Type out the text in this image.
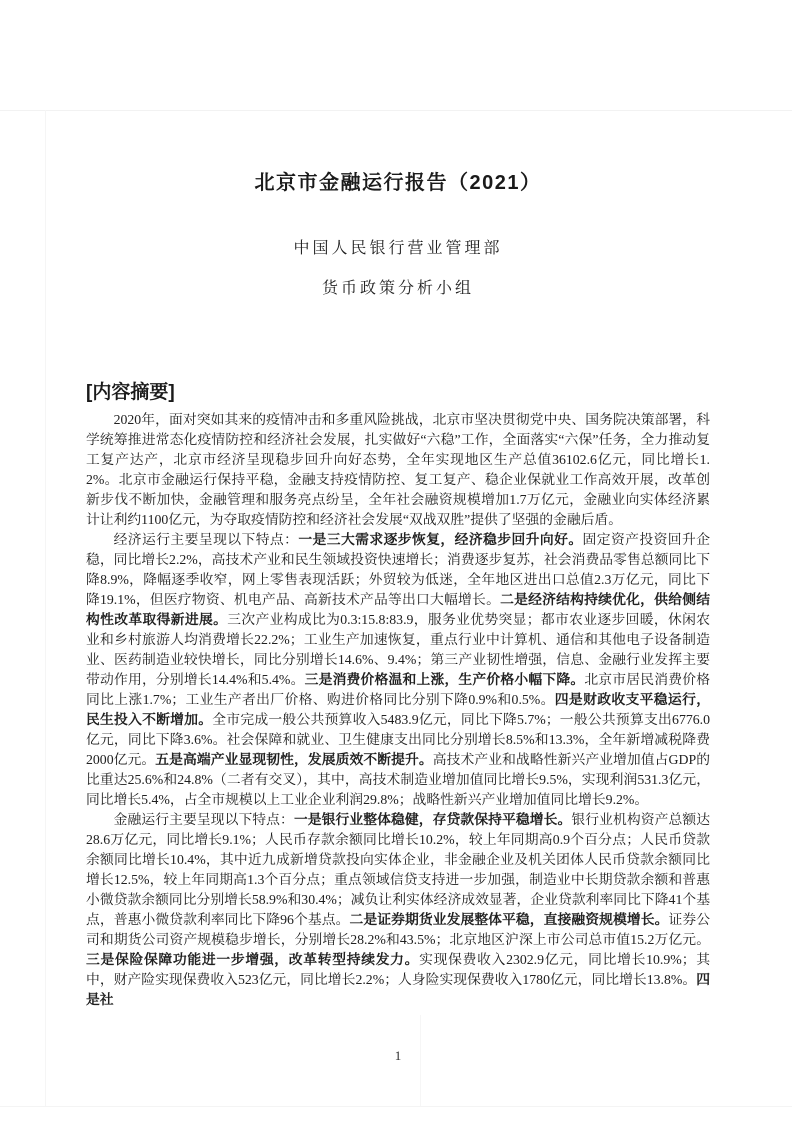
北京市金融运行报告（2021）
中国人民银行营业管理部
货币政策分析小组
[内容摘要]

2020年，面对突如其来的疫情冲击和多重风险挑战，北京市坚决贯彻党中央、国务院决策部署，科学统筹推进常态化疫情防控和经济社会发展，扎实做好“六稳”工作，全面落实“六保”任务，全力推动复工复产达产，北京市经济呈现稳步回升向好态势，全年实现地区生产总值36102.6亿元，同比增长1.2%。北京市金融运行保持平稳，金融支持疫情防控、复工复产、稳企业保就业工作高效开展，改革创新步伐不断加快，金融管理和服务亮点纷呈，全年社会融资规模增加1.7万亿元，金融业向实体经济累计让利约1100亿元，为夺取疫情防控和经济社会发展“双战双胜”提供了坚强的金融后盾。

经济运行主要呈现以下特点：一是三大需求逐步恢复，经济稳步回升向好。固定资产投资回升企稳，同比增长2.2%，高技术产业和民生领域投资快速增长；消费逐步复苏，社会消费品零售总额同比下降8.9%，降幅逐季收窄，网上零售表现活跃；外贸较为低迷，全年地区进出口总值2.3万亿元，同比下降19.1%，但医疗物资、机电产品、高新技术产品等出口大幅增长。二是经济结构持续优化，供给侧结构性改革取得新进展。三次产业构成比为0.3:15.8:83.9，服务业优势突显；都市农业逐步回暖，休闲农业和乡村旅游人均消费增长22.2%；工业生产加速恢复，重点行业中计算机、通信和其他电子设备制造业、医药制造业较快增长，同比分别增长14.6%、9.4%；第三产业韧性增强，信息、金融行业发挥主要带动作用，分别增长14.4%和5.4%。三是消费价格温和上涨，生产价格小幅下降。北京市居民消费价格同比上涨1.7%；工业生产者出厂价格、购进价格同比分别下降0.9%和0.5%。四是财政收支平稳运行，民生投入不断增加。全市完成一般公共预算收入5483.9亿元，同比下降5.7%；一般公共预算支出6776.0亿元，同比下降3.6%。社会保障和就业、卫生健康支出同比分别增长8.5%和13.3%，全年新增减税降费2000亿元。五是高端产业显现韧性，发展质效不断提升。高技术产业和战略性新兴产业增加值占GDP的比重达25.6%和24.8%（二者有交叉），其中，高技术制造业增加值同比增长9.5%，实现利润531.3亿元，同比增长5.4%，占全市规模以上工业企业利润29.8%；战略性新兴产业增加值同比增长9.2%。

金融运行主要呈现以下特点：一是银行业整体稳健，存贷款保持平稳增长。银行业机构资产总额达28.6万亿元，同比增长9.1%；人民币存款余额同比增长10.2%，较上年同期高0.9个百分点；人民币贷款余额同比增长10.4%，其中近九成新增贷款投向实体企业，非金融企业及机关团体人民币贷款余额同比增长12.5%，较上年同期高1.3个百分点；重点领域信贷支持进一步加强，制造业中长期贷款余额和普惠小微贷款余额同比分别增长58.9%和30.4%；减负让利实体经济成效显著，企业贷款利率同比下降41个基点，普惠小微贷款利率同比下降96个基点。二是证券期货业发展整体平稳，直接融资规模增长。证券公司和期货公司资产规模稳步增长，分别增长28.2%和43.5%；北京地区沪深上市公司总市值15.2万亿元。三是保险保障功能进一步增强，改革转型持续发力。实现保费收入2302.9亿元，同比增长10.9%；其中，财产险实现保费收入523亿元，同比增长2.2%；人身险实现保费收入1780亿元，同比增长13.8%。四是社

1
